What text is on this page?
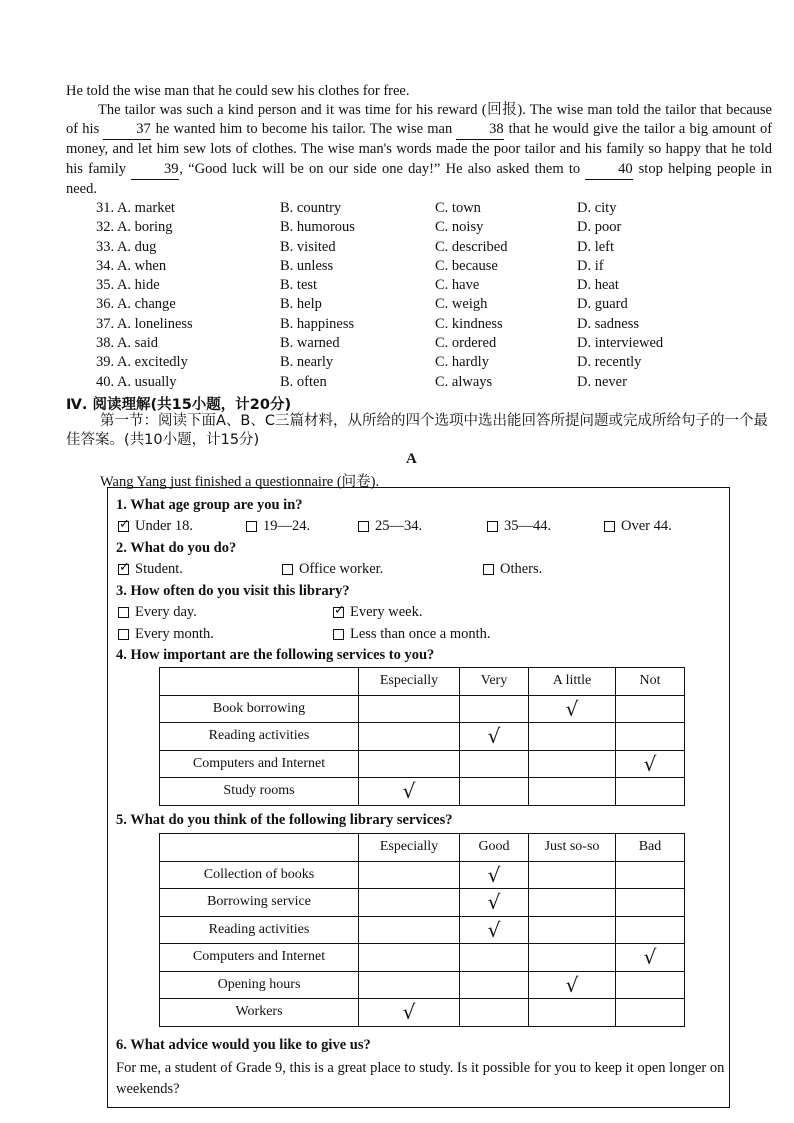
He told the wise man that he could sew his clothes for free.
The tailor was such a kind person and it was time for his reward (回报). The wise man told the tailor that because of his	37 he wanted him to become his tailor. The wise man	38 that he would give the tailor a big amount of money, and let him sew lots of clothes. The wise man's words made the poor tailor and his family so happy that he told his family	39, “Good luck will be on our side one day!” He also asked them to	40 stop helping people in need.
31. A. market	B. country	C. town	D. city
32. A. boring	B. humorous	C. noisy	D. poor
33. A. dug	B. visited	C. described	D. left
34. A. when	B. unless	C. because	D. if
35. A. hide	B. test	C. have	D. heat
36. A. change	B. help	C. weigh	D. guard
37. A. loneliness	B. happiness	C. kindness	D. sadness
38. A. said	B. warned	C. ordered	D. interviewed
39. A. excitedly	B. nearly	C. hardly	D. recently
40. A. usually	B. often	C. always	D. never
Ⅳ. 阅读理解(共15小题，计20分)
第一节：阅读下面A、B、C三篇材料，从所给的四个选项中选出能回答所提问题或完成所给句子的一个最佳答案。(共10小题，计15分)
A
Wang Yang just finished a questionnaire (问卷).
1. What age group are you in?
✓
Under 18.	19—24.	25—34.	35—44.	Over 44.
2. What do you do?
✓
Student.	Office worker.	Others.
3. How often do you visit this library?
Every day. ✓	Every week.
Every month.	Less than once a month.
4. How important are the following services to you?
	Especially	Very	A little	Not
Book borrowing			√	
Reading activities		√		
Computers and Internet				√
Study rooms	√			
5. What do you think of the following library services?
	Especially	Good	Just so-so	Bad
Collection of books		√		
Borrowing service		√		
Reading activities		√		
Computers and Internet				√
Opening hours			√	
Workers	√			
6. What advice would you like to give us?
For me, a student of Grade 9, this is a great place to study. Is it possible for you to keep it open longer on weekends?
